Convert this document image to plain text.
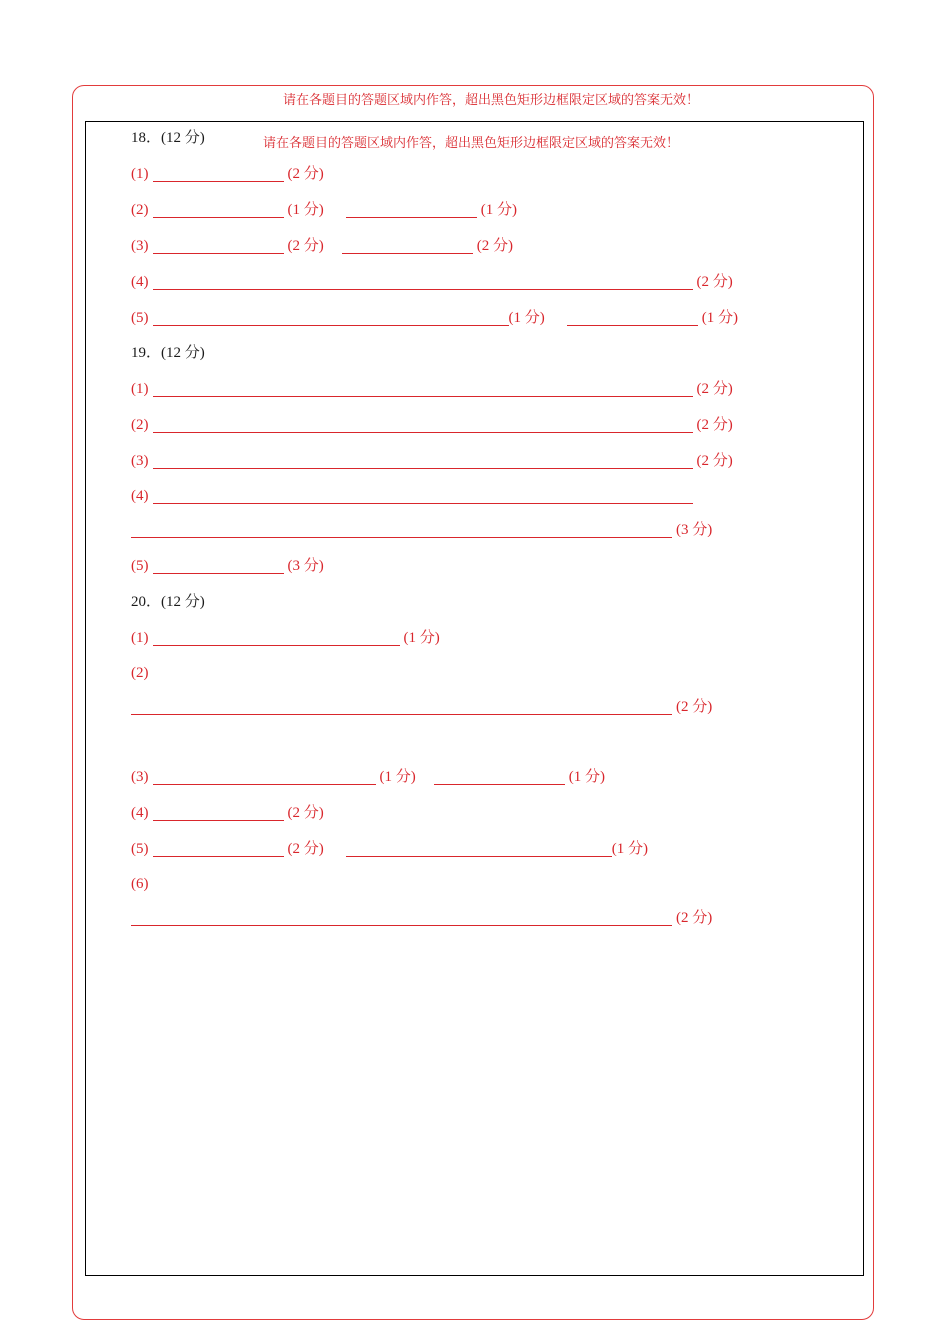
请在各题目的答题区域内作答，超出黑色矩形边框限定区域的答案无效！
请在各题目的答题区域内作答，超出黑色矩形边框限定区域的答案无效！
18．(12 分)
(1)	(2 分)
(2)	(1 分)	(1 分)
(3)	(2 分)	(2 分)
(4)	(2 分)
(5)	(1 分)	(1 分)
19．(12 分)
(1)	(2 分)
(2)	(2 分)
(3)	(2 分)
(4)
(3 分)
(5)	(3 分)
20．(12 分)
(1)	(1 分)
(2)
(2 分)
(3)	(1 分)	(1 分)
(4)	(2 分)
(5)	(2 分)	(1 分)
(6)
(2 分)
